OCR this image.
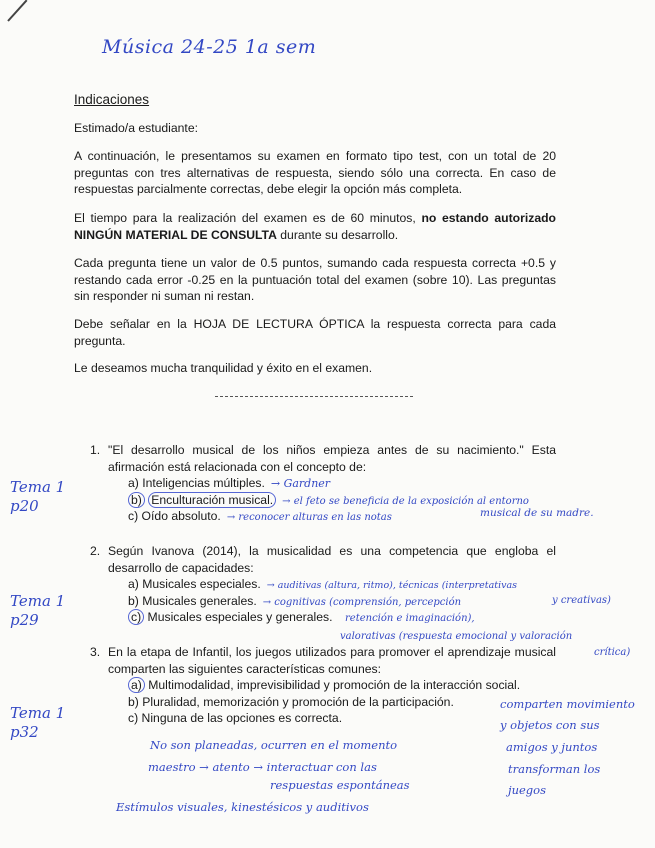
Música 24-25 1a sem
Indicaciones
Estimado/a estudiante:
A continuación, le presentamos su examen en formato tipo test, con un total de 20 preguntas con tres alternativas de respuesta, siendo sólo una correcta. En caso de respuestas parcialmente correctas, debe elegir la opción más completa.
El tiempo para la realización del examen es de 60 minutos, no estando autorizado NINGÚN MATERIAL DE CONSULTA durante su desarrollo.
Cada pregunta tiene un valor de 0.5 puntos, sumando cada respuesta correcta +0.5 y restando cada error -0.25 en la puntuación total del examen (sobre 10). Las preguntas sin responder ni suman ni restan.
Debe señalar en la HOJA DE LECTURA ÓPTICA la respuesta correcta para cada pregunta.
Le deseamos mucha tranquilidad y éxito en el examen.
1. "El desarrollo musical de los niños empieza antes de su nacimiento." Esta afirmación está relacionada con el concepto de:
a) Inteligencias múltiples. → Gardner
b) Enculturación musical. → el feto se beneficia de la exposición al entorno
c) Oído absoluto. → reconocer alturas en las notas	musical de su madre.
Tema 1
p20
2. Según Ivanova (2014), la musicalidad es una competencia que engloba el desarrollo de capacidades:
a) Musicales especiales. → auditivas (altura, ritmo), técnicas (interpretativas
b) Musicales generales. → cognitivas (comprensión, percepción
c) Musicales especiales y generales.
y creativas)
retención e imaginación),
valorativas (respuesta emocional y valoración
crítica)
Tema 1
p29
3. En la etapa de Infantil, los juegos utilizados para promover el aprendizaje musical comparten las siguientes características comunes:
a) Multimodalidad, imprevisibilidad y promoción de la interacción social.
b) Pluralidad, memorización y promoción de la participación.
c) Ninguna de las opciones es correcta.
Tema 1
p32
comparten movimiento
y objetos con sus
amigos y juntos
transforman los
juegos
No son planeadas, ocurren en el momento
maestro → atento → interactuar con las
respuestas espontáneas
Estímulos visuales, kinestésicos y auditivos
